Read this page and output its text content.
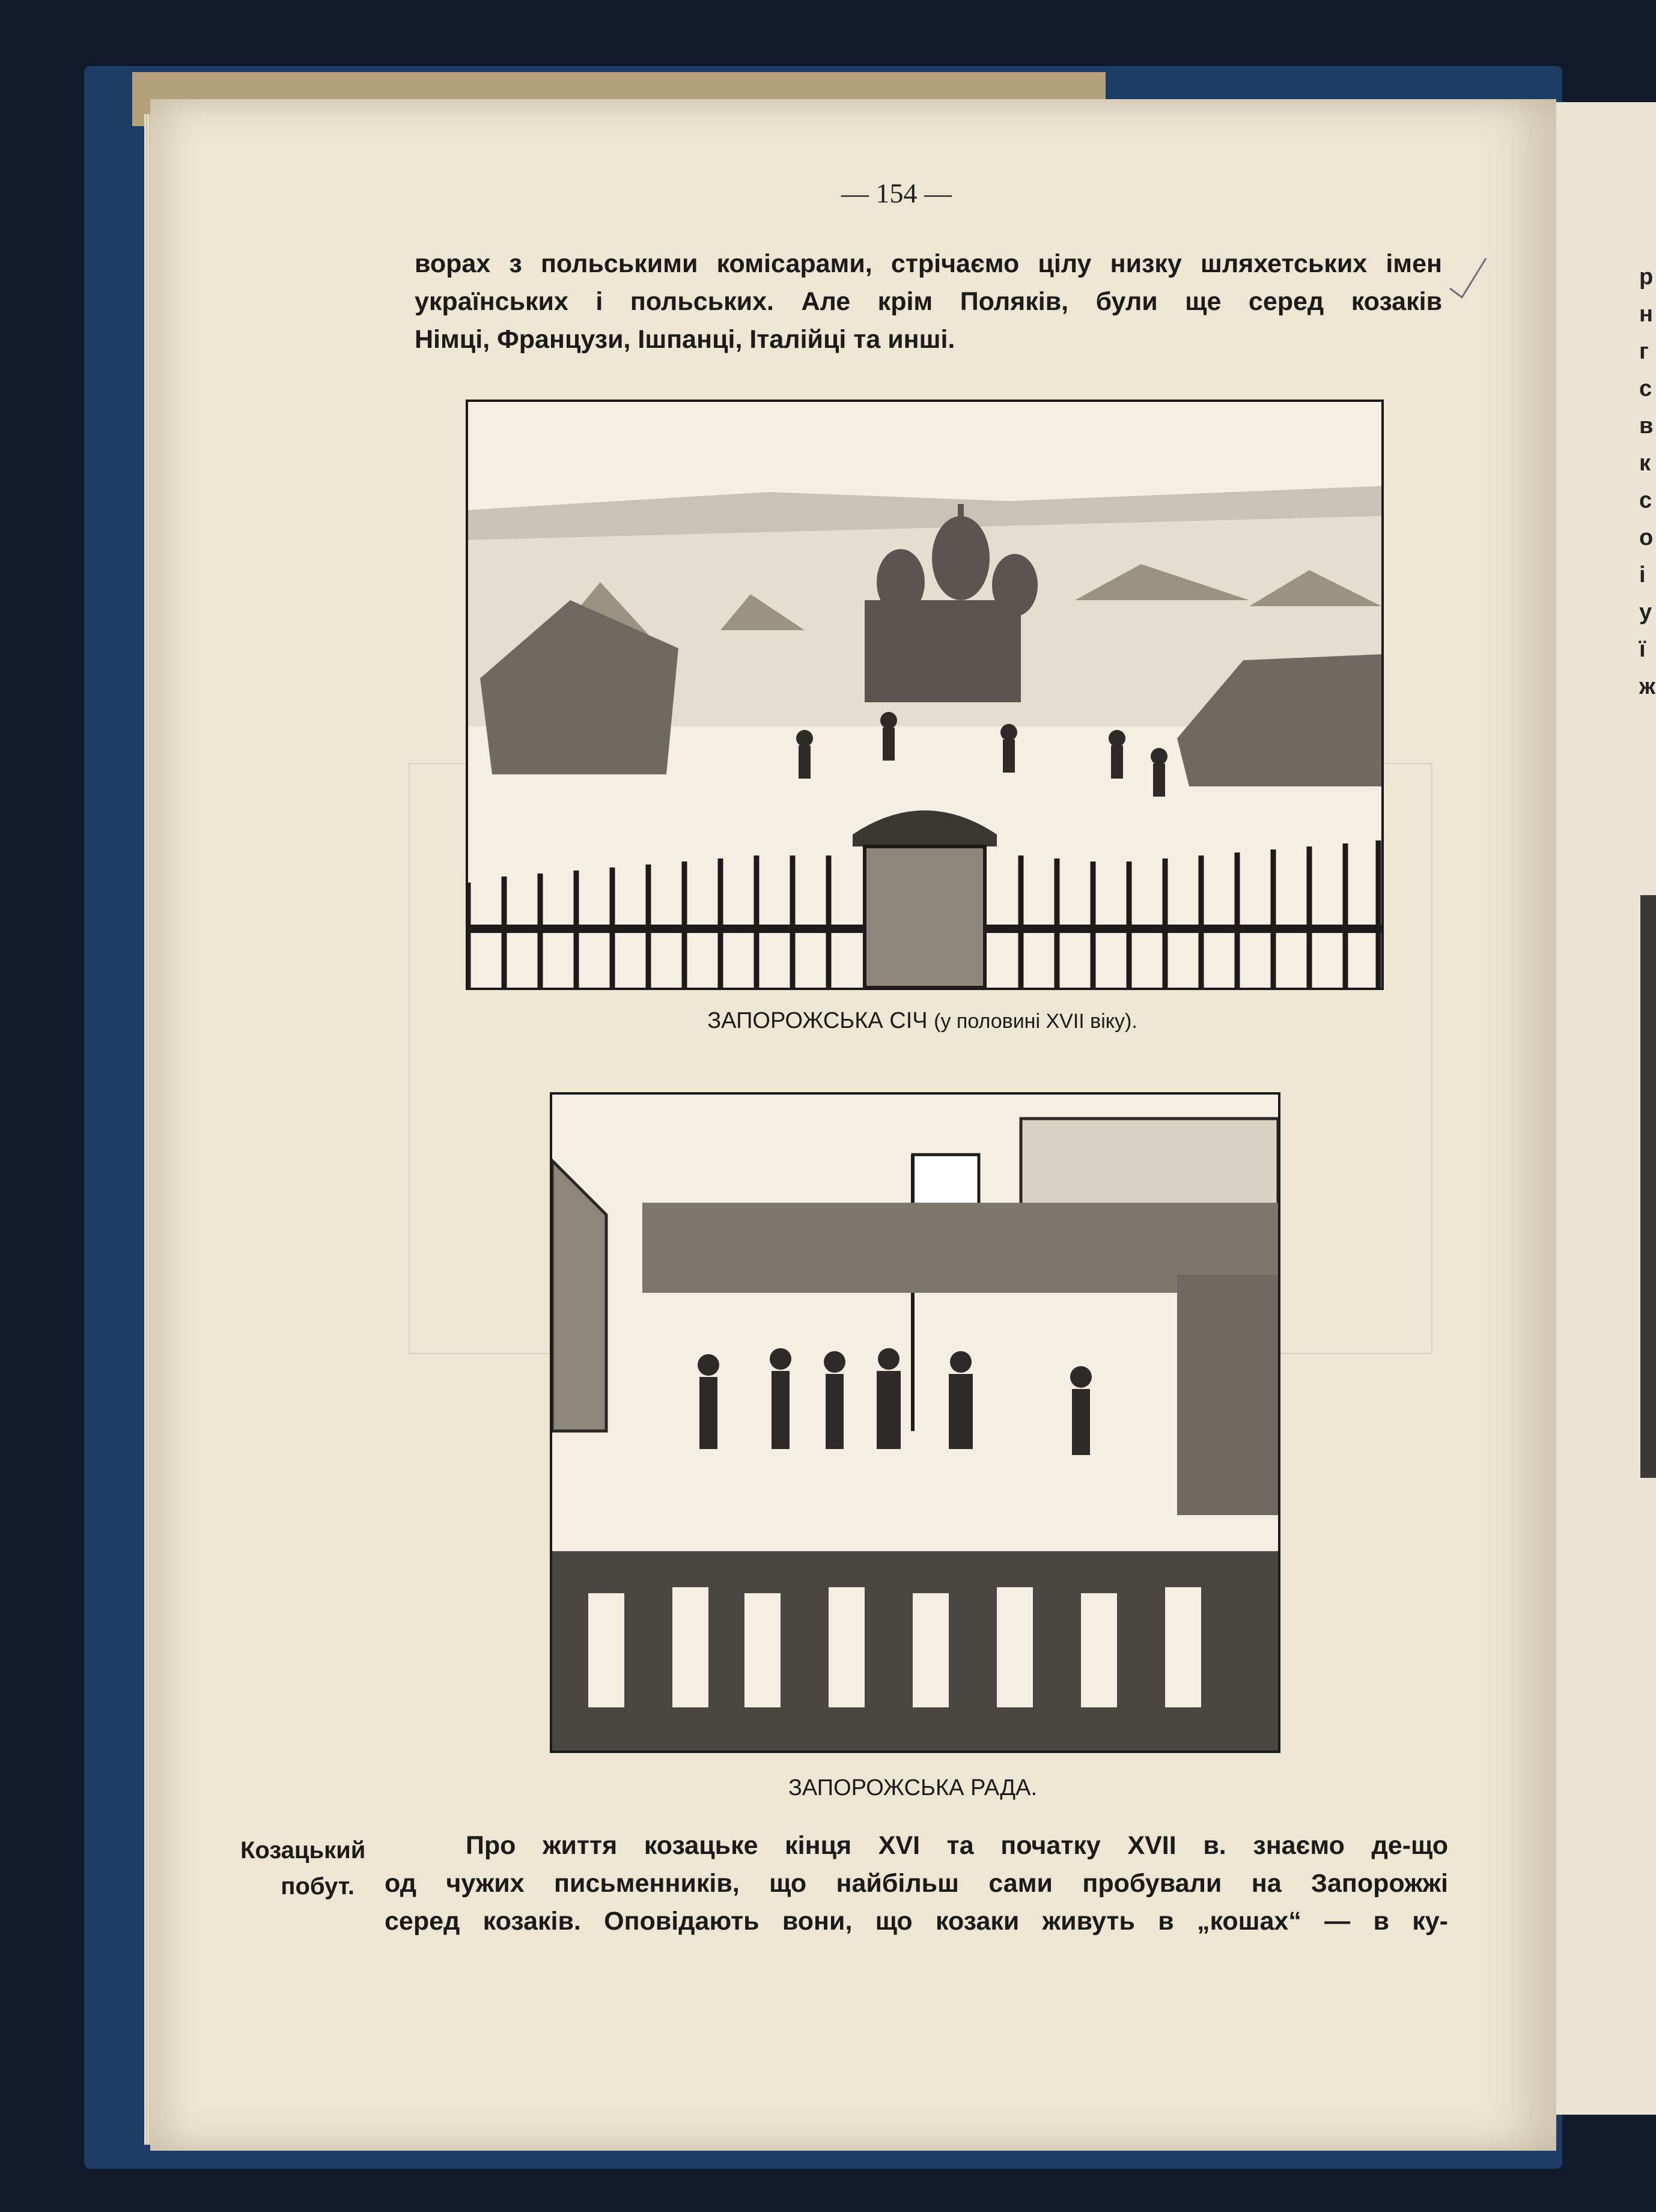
— 154 —
ворах з польськими комісарами, стрічаємо цілу низку шляхетських імен
українських і польських. Але крім Поляків, були ще серед козаків
Німці, Французи, Ішпанці, Італійці та инші.
ЗАПОРОЖСЬКА СІЧ (у половині XVII віку).
ЗАПОРОЖСЬКА РАДА.
Козацький
побут.
Про життя козацьке кінця XVI та початку XVII в. знаємо де-що
од чужих письменників, що найбільш сами пробували на Запорожжі
серед козаків. Оповідають вони, що козаки живуть в „кошах“ — в ку-
р
н
г
с
в
к
с
о
і
у
ї
ж
